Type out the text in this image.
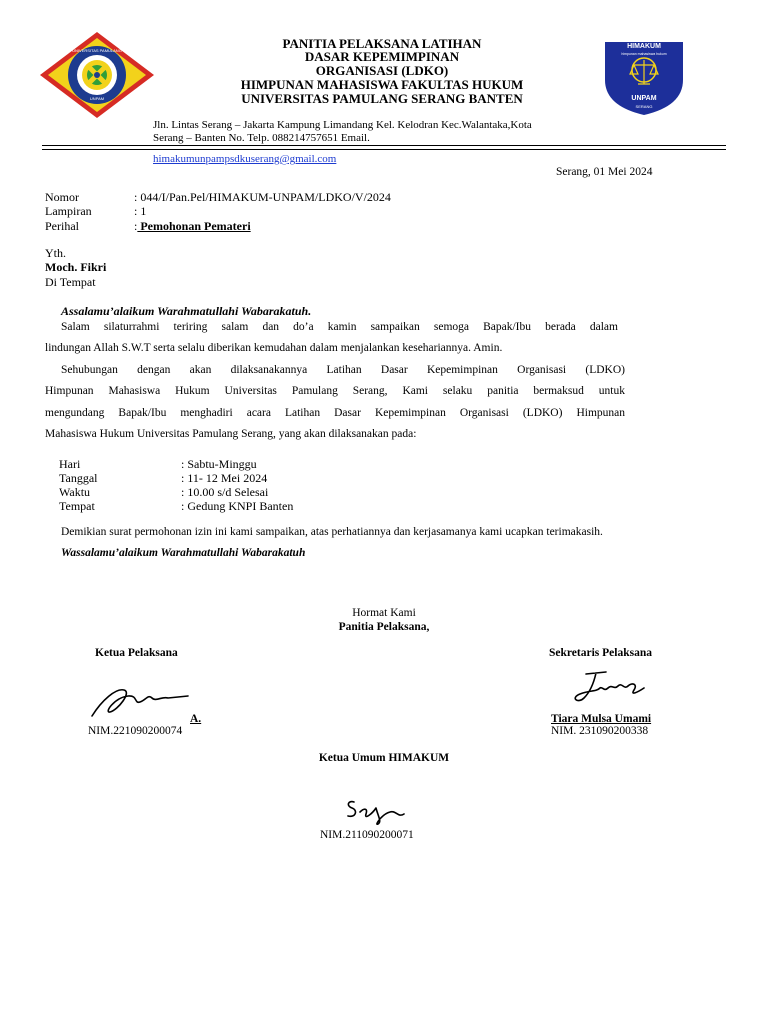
UNIVERSITAS PAMULANG
UNPAM
HIMAKUM
himpunan mahasiswa hukum
UNPAM
SERANG
PANITIA PELAKSANA LATIHAN
DASAR KEPEMIMPINAN
ORGANISASI (LDKO)
HIMPUNAN MAHASISWA FAKULTAS HUKUM
UNIVERSITAS PAMULANG SERANG BANTEN
Jln. Lintas Serang – Jakarta Kampung Limandang Kel. Kelodran Kec.Walantaka,Kota
Serang – Banten No. Telp. 088214757651 Email.
himakumunpampsdkuserang@gmail.com
Serang, 01 Mei 2024
Nomor	: 044/I/Pan.Pel/HIMAKUM-UNPAM/LDKO/V/2024
Lampiran	: 1
Perihal	: Pemohonan Pemateri
Yth.
Moch. Fikri
Di Tempat
Assalamu’alaikum Warahmatullahi Wabarakatuh.
Salam silaturrahmi teriring salam dan do’a kamin sampaikan semoga Bapak/Ibu berada dalam
lindungan Allah S.W.T serta selalu diberikan kemudahan dalam menjalankan kesehariannya. Amin.
Sehubungan dengan akan dilaksanakannya Latihan Dasar Kepemimpinan Organisasi (LDKO)
Himpunan Mahasiswa Hukum Universitas Pamulang Serang, Kami selaku panitia bermaksud untuk
mengundang Bapak/Ibu menghadiri acara Latihan Dasar Kepemimpinan Organisasi (LDKO) Himpunan
Mahasiswa Hukum Universitas Pamulang Serang, yang akan dilaksanakan pada:
Hari	: Sabtu-Minggu
Tanggal	: 11- 12 Mei 2024
Waktu	: 10.00 s/d Selesai
Tempat	: Gedung KNPI Banten
Demikian surat permohonan izin ini kami sampaikan, atas perhatiannya dan kerjasamanya kami ucapkan terimakasih.
Wassalamu’alaikum Warahmatullahi Wabarakatuh
Hormat Kami
Panitia Pelaksana,
Ketua Pelaksana
A.
NIM.221090200074
Sekretaris Pelaksana
Tiara Mulsa Umami
NIM. 231090200338
Ketua Umum HIMAKUM
NIM.211090200071
